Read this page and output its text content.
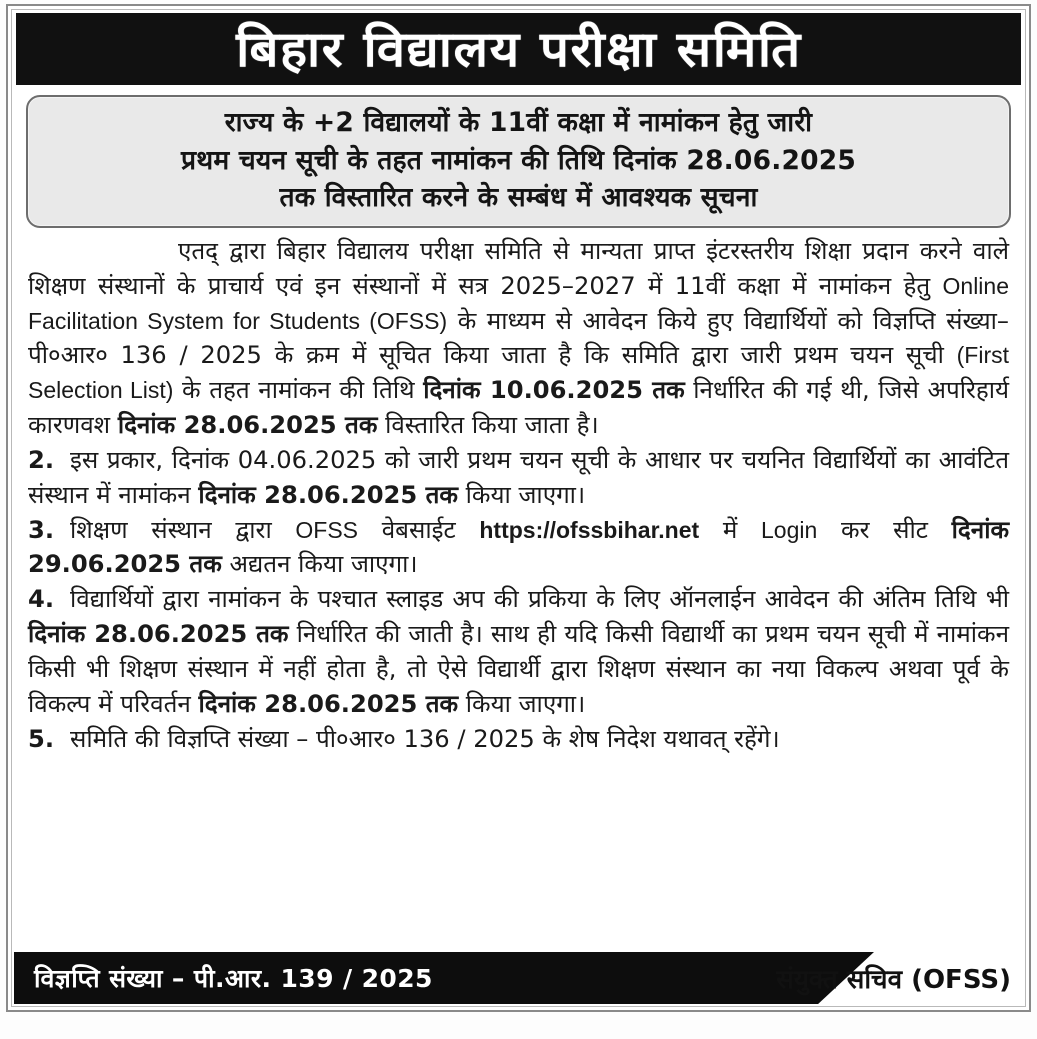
बिहार विद्यालय परीक्षा समिति
राज्य के +2 विद्यालयों के 11वीं कक्षा में नामांकन हेतु जारी
प्रथम चयन सूची के तहत नामांकन की तिथि दिनांक 28.06.2025
तक विस्तारित करने के सम्बंध में आवश्यक सूचना

एतद् द्वारा बिहार विद्यालय परीक्षा समिति से मान्यता प्राप्त इंटरस्तरीय शिक्षा प्रदान करने वाले शिक्षण संस्थानों के प्राचार्य एवं इन संस्थानों में सत्र 2025–2027 में 11वीं कक्षा में नामांकन हेतु Online Facilitation System for Students (OFSS) के माध्यम से आवेदन किये हुए विद्यार्थियों को विज्ञप्ति संख्या–पी०आर० 136 / 2025 के क्रम में सूचित किया जाता है कि समिति द्वारा जारी प्रथम चयन सूची (First Selection List) के तहत नामांकन की तिथि दिनांक 10.06.2025 तक निर्धारित की गई थी, जिसे अपरिहार्य कारणवश दिनांक 28.06.2025 तक विस्तारित किया जाता है।

2. इस प्रकार, दिनांक 04.06.2025 को जारी प्रथम चयन सूची के आधार पर चयनित विद्यार्थियों का आवंटित संस्थान में नामांकन दिनांक 28.06.2025 तक किया जाएगा।

3. शिक्षण संस्थान द्वारा OFSS वेबसाईट https://ofssbihar.net में Login कर सीट दिनांक 29.06.2025 तक अद्यतन किया जाएगा।

4. विद्यार्थियों द्वारा नामांकन के पश्चात स्लाइड अप की प्रकिया के लिए ऑनलाईन आवेदन की अंतिम तिथि भी दिनांक 28.06.2025 तक निर्धारित की जाती है। साथ ही यदि किसी विद्यार्थी का प्रथम चयन सूची में नामांकन किसी भी शिक्षण संस्थान में नहीं होता है, तो ऐसे विद्यार्थी द्वारा शिक्षण संस्थान का नया विकल्प अथवा पूर्व के विकल्प में परिवर्तन दिनांक 28.06.2025 तक किया जाएगा।

5. समिति की विज्ञप्ति संख्या – पी०आर० 136 / 2025 के शेष निदेश यथावत् रहेंगे।

विज्ञप्ति संख्या – पी.आर. 139 / 2025	संयुक्त सचिव (OFSS)
